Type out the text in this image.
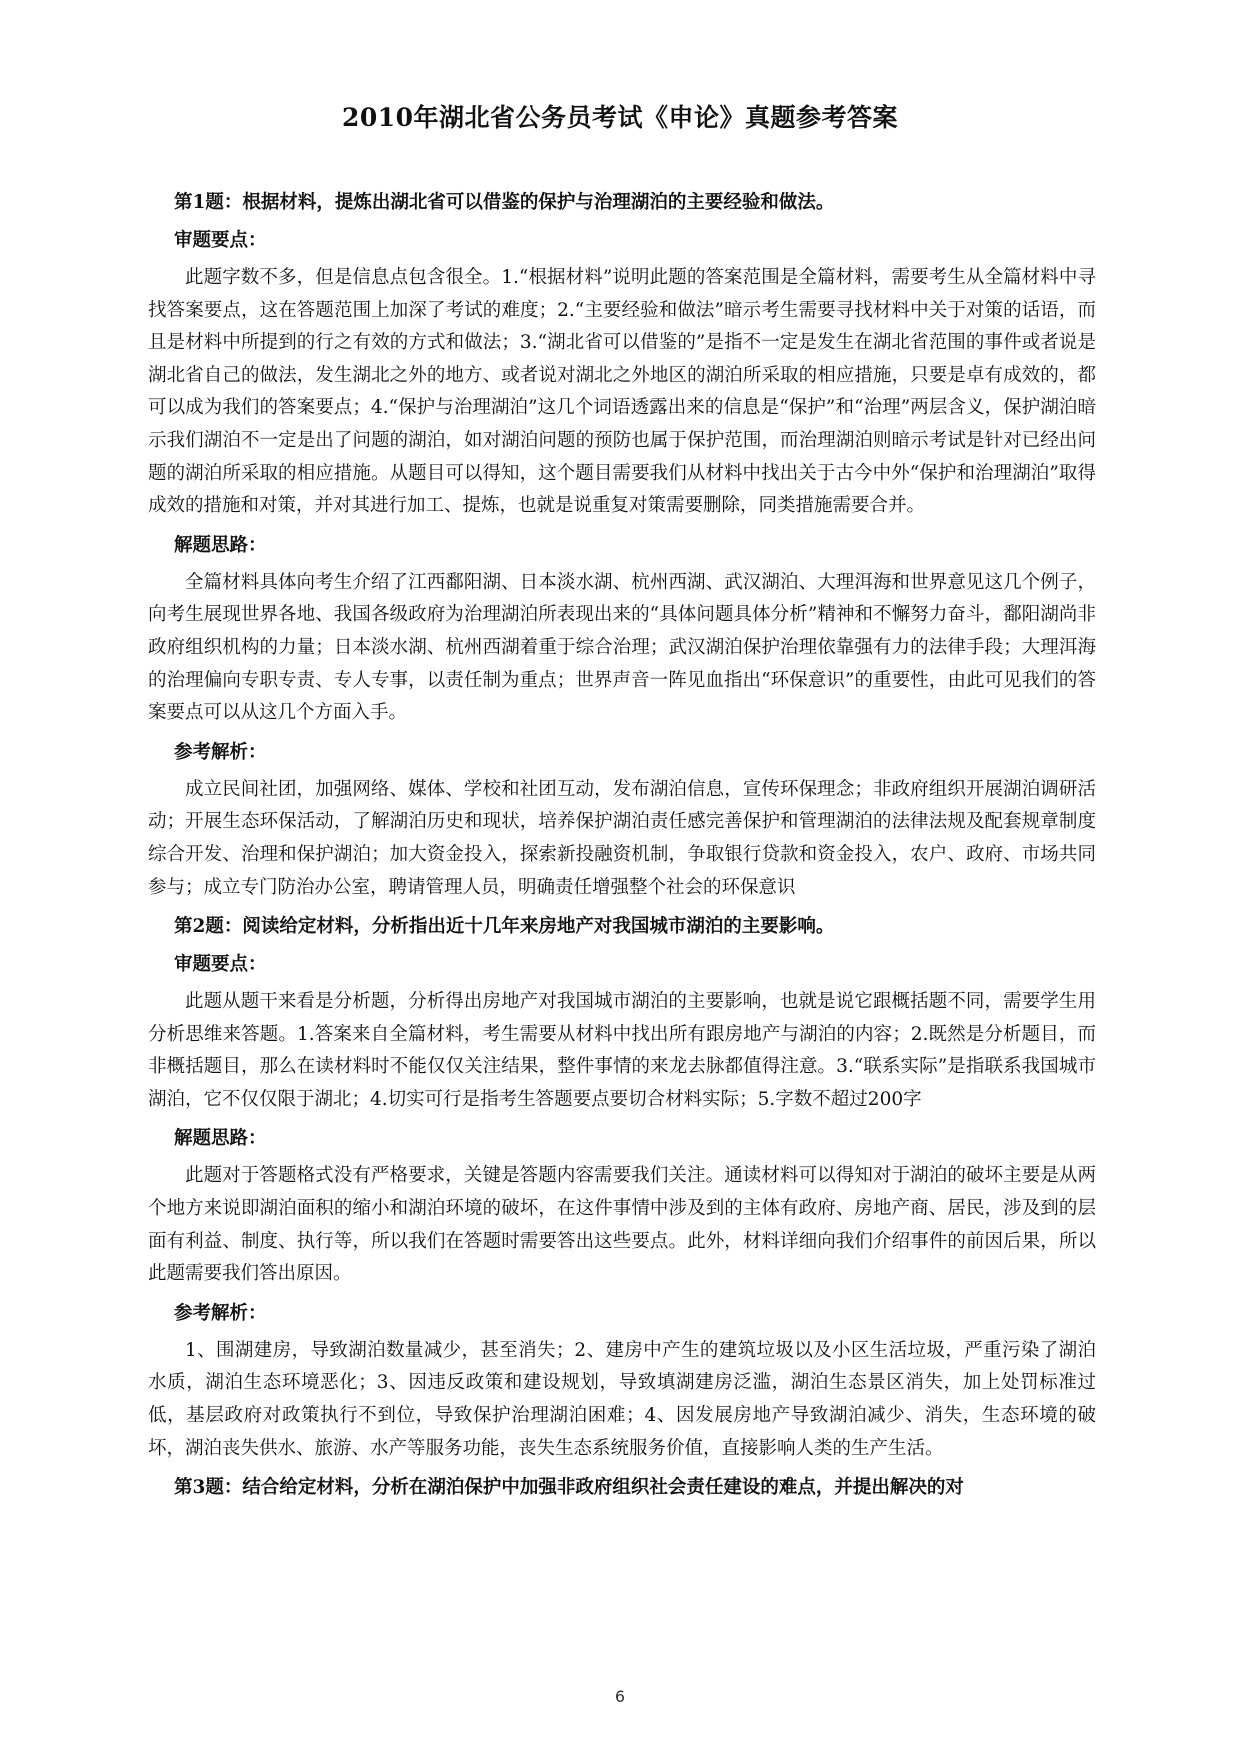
2010年湖北省公务员考试《申论》真题参考答案
第1题：根据材料，提炼出湖北省可以借鉴的保护与治理湖泊的主要经验和做法。
审题要点：

此题字数不多，但是信息点包含很全。1.“根据材料”说明此题的答案范围是全篇材料，需要考生从全篇材料中寻找答案要点，这在答题范围上加深了考试的难度；2.“主要经验和做法”暗示考生需要寻找材料中关于对策的话语，而且是材料中所提到的行之有效的方式和做法；3.“湖北省可以借鉴的”是指不一定是发生在湖北省范围的事件或者说是湖北省自己的做法，发生湖北之外的地方、或者说对湖北之外地区的湖泊所采取的相应措施，只要是卓有成效的，都可以成为我们的答案要点；4.“保护与治理湖泊”这几个词语透露出来的信息是“保护”和“治理”两层含义，保护湖泊暗示我们湖泊不一定是出了问题的湖泊，如对湖泊问题的预防也属于保护范围，而治理湖泊则暗示考试是针对已经出问题的湖泊所采取的相应措施。从题目可以得知，这个题目需要我们从材料中找出关于古今中外“保护和治理湖泊”取得成效的措施和对策，并对其进行加工、提炼，也就是说重复对策需要删除，同类措施需要合并。

解题思路：

全篇材料具体向考生介绍了江西鄱阳湖、日本淡水湖、杭州西湖、武汉湖泊、大理洱海和世界意见这几个例子，向考生展现世界各地、我国各级政府为治理湖泊所表现出来的“具体问题具体分析”精神和不懈努力奋斗，鄱阳湖尚非政府组织机构的力量；日本淡水湖、杭州西湖着重于综合治理；武汉湖泊保护治理依靠强有力的法律手段；大理洱海的治理偏向专职专责、专人专事，以责任制为重点；世界声音一阵见血指出“环保意识”的重要性，由此可见我们的答案要点可以从这几个方面入手。

参考解析：

成立民间社团，加强网络、媒体、学校和社团互动，发布湖泊信息，宣传环保理念；非政府组织开展湖泊调研活动；开展生态环保活动，了解湖泊历史和现状，培养保护湖泊责任感完善保护和管理湖泊的法律法规及配套规章制度综合开发、治理和保护湖泊；加大资金投入，探索新投融资机制，争取银行贷款和资金投入，农户、政府、市场共同参与；成立专门防治办公室，聘请管理人员，明确责任增强整个社会的环保意识

第2题：阅读给定材料，分析指出近十几年来房地产对我国城市湖泊的主要影响。
审题要点：

此题从题干来看是分析题，分析得出房地产对我国城市湖泊的主要影响，也就是说它跟概括题不同，需要学生用分析思维来答题。1.答案来自全篇材料，考生需要从材料中找出所有跟房地产与湖泊的内容；2.既然是分析题目，而非概括题目，那么在读材料时不能仅仅关注结果，整件事情的来龙去脉都值得注意。3.“联系实际”是指联系我国城市湖泊，它不仅仅限于湖北；4.切实可行是指考生答题要点要切合材料实际；5.字数不超过200字

解题思路：

此题对于答题格式没有严格要求，关键是答题内容需要我们关注。通读材料可以得知对于湖泊的破坏主要是从两个地方来说即湖泊面积的缩小和湖泊环境的破坏，在这件事情中涉及到的主体有政府、房地产商、居民，涉及到的层面有利益、制度、执行等，所以我们在答题时需要答出这些要点。此外，材料详细向我们介绍事件的前因后果，所以此题需要我们答出原因。

参考解析：

1、围湖建房，导致湖泊数量减少，甚至消失；2、建房中产生的建筑垃圾以及小区生活垃圾，严重污染了湖泊水质，湖泊生态环境恶化；3、因违反政策和建设规划，导致填湖建房泛滥，湖泊生态景区消失，加上处罚标准过低，基层政府对政策执行不到位，导致保护治理湖泊困难；4、因发展房地产导致湖泊减少、消失，生态环境的破坏，湖泊丧失供水、旅游、水产等服务功能，丧失生态系统服务价值，直接影响人类的生产生活。

第3题：结合给定材料，分析在湖泊保护中加强非政府组织社会责任建设的难点，并提出解决的对
6
